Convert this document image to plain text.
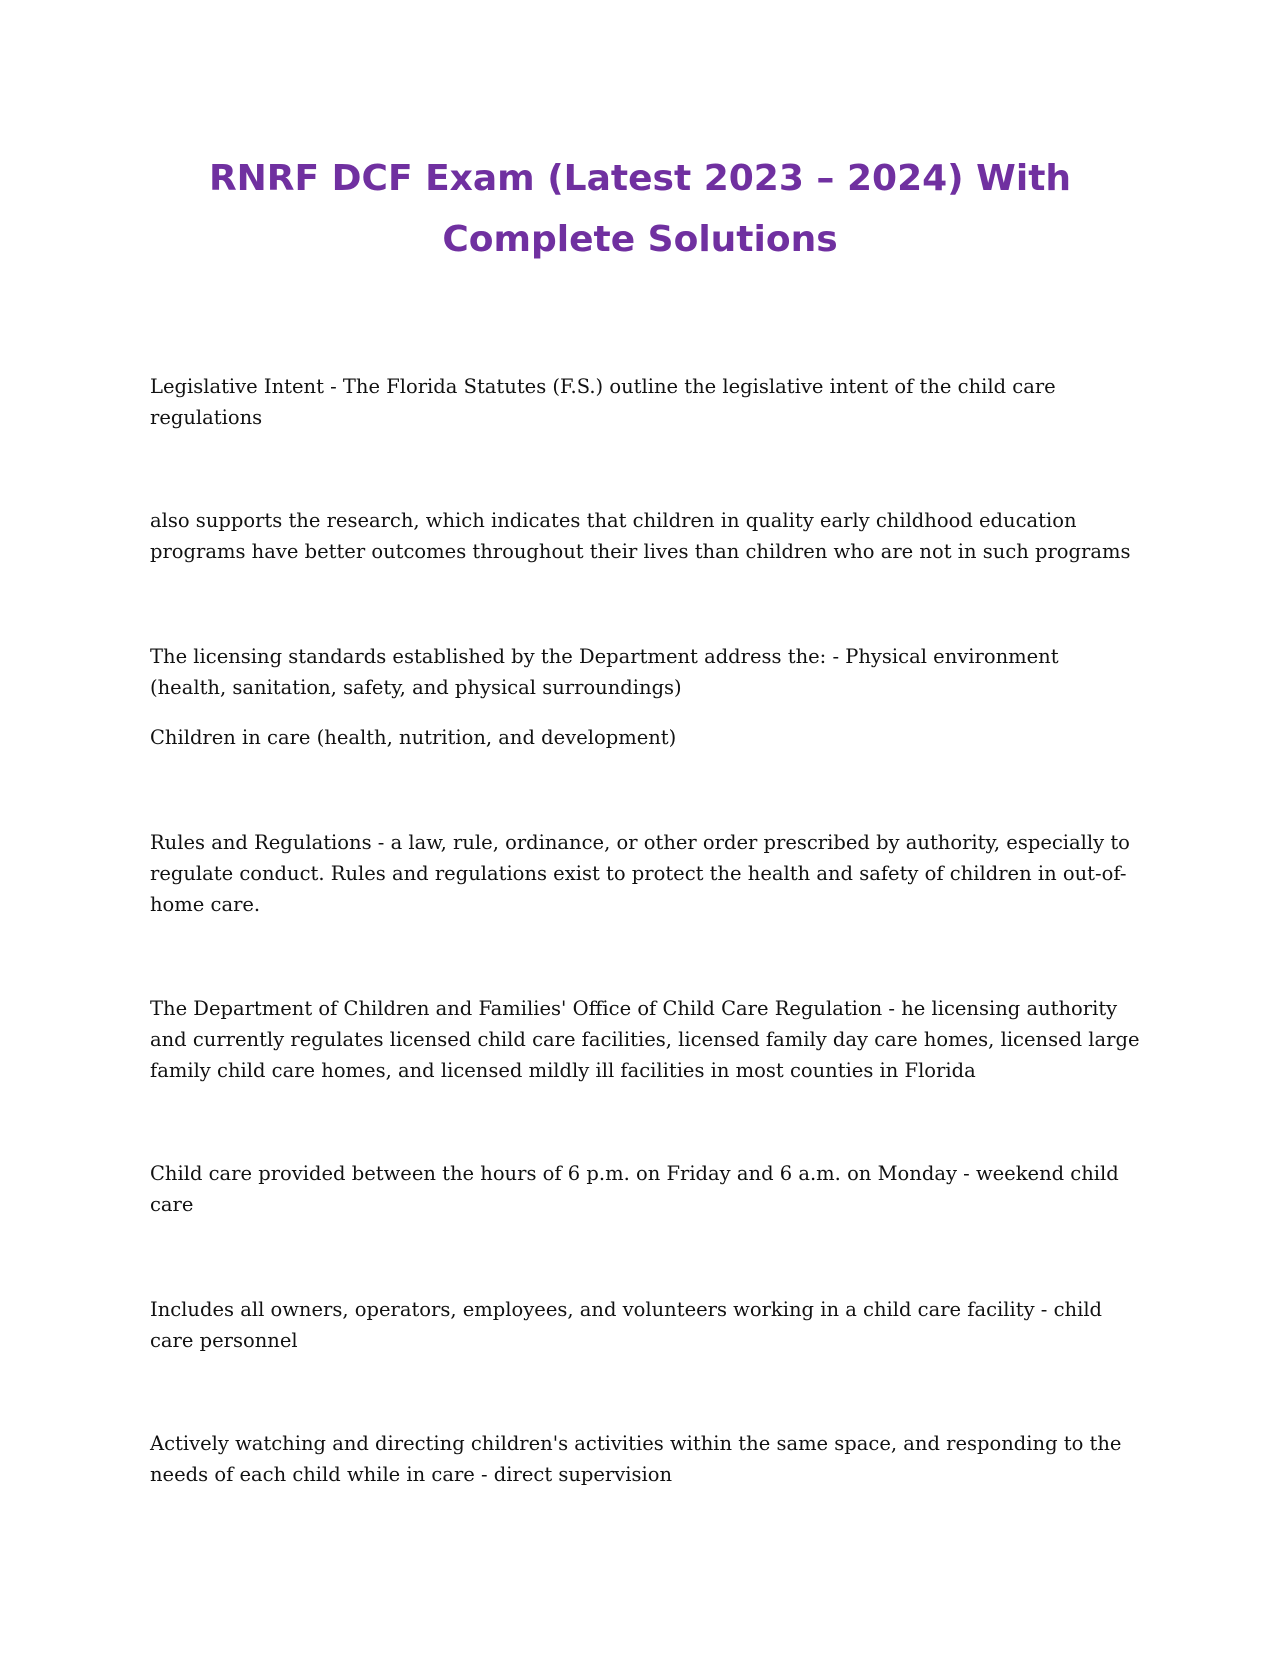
RNRF DCF Exam (Latest 2023 – 2024) With
Complete Solutions

Legislative Intent - The Florida Statutes (F.S.) outline the legislative intent of the child care regulations

also supports the research, which indicates that children in quality early childhood education programs have better outcomes throughout their lives than children who are not in such programs

The licensing standards established by the Department address the: - Physical environment (health, sanitation, safety, and physical surroundings)

Children in care (health, nutrition, and development)

Rules and Regulations - a law, rule, ordinance, or other order prescribed by authority, especially to regulate conduct. Rules and regulations exist to protect the health and safety of children in out-of-home care.

The Department of Children and Families' Office of Child Care Regulation - he licensing authority and currently regulates licensed child care facilities, licensed family day care homes, licensed large family child care homes, and licensed mildly ill facilities in most counties in Florida

Child care provided between the hours of 6 p.m. on Friday and 6 a.m. on Monday - weekend child care

Includes all owners, operators, employees, and volunteers working in a child care facility - child care personnel

Actively watching and directing children's activities within the same space, and responding to the needs of each child while in care - direct supervision
